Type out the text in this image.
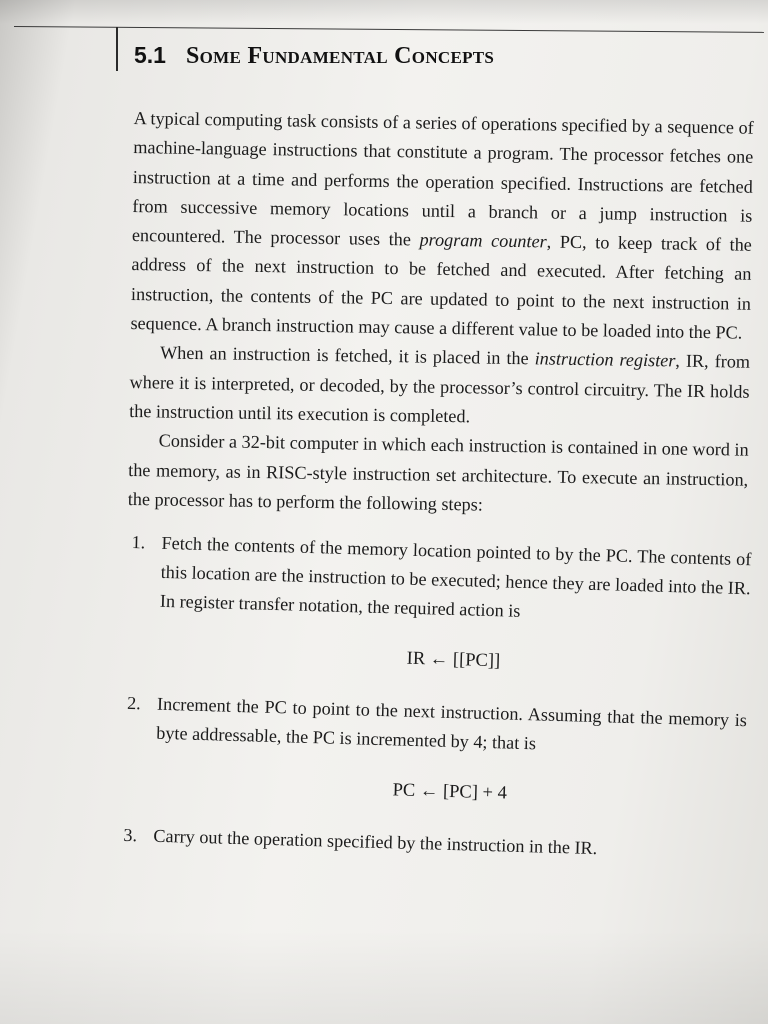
5.1 Some Fundamental Concepts

A typical computing task consists of a series of operations specified by a sequence of machine-language instructions that constitute a program. The processor fetches one instruction at a time and performs the operation specified. Instructions are fetched from successive memory locations until a branch or a jump instruction is encountered. The processor uses the program counter, PC, to keep track of the address of the next instruction to be fetched and executed. After fetching an instruction, the contents of the PC are updated to point to the next instruction in sequence. A branch instruction may cause a different value to be loaded into the PC.

When an instruction is fetched, it is placed in the instruction register, IR, from where it is interpreted, or decoded, by the processor’s control circuitry. The IR holds the instruction until its execution is completed.

Consider a 32-bit computer in which each instruction is contained in one word in the memory, as in RISC-style instruction set architecture. To execute an instruction, the processor has to perform the following steps:

1. Fetch the contents of the memory location pointed to by the PC. The contents of this location are the instruction to be executed; hence they are loaded into the IR. In register transfer notation, the required action is
IR ← [[PC]]
2. Increment the PC to point to the next instruction. Assuming that the memory is byte addressable, the PC is incremented by 4; that is
PC ← [PC] + 4
3. Carry out the operation specified by the instruction in the IR.
